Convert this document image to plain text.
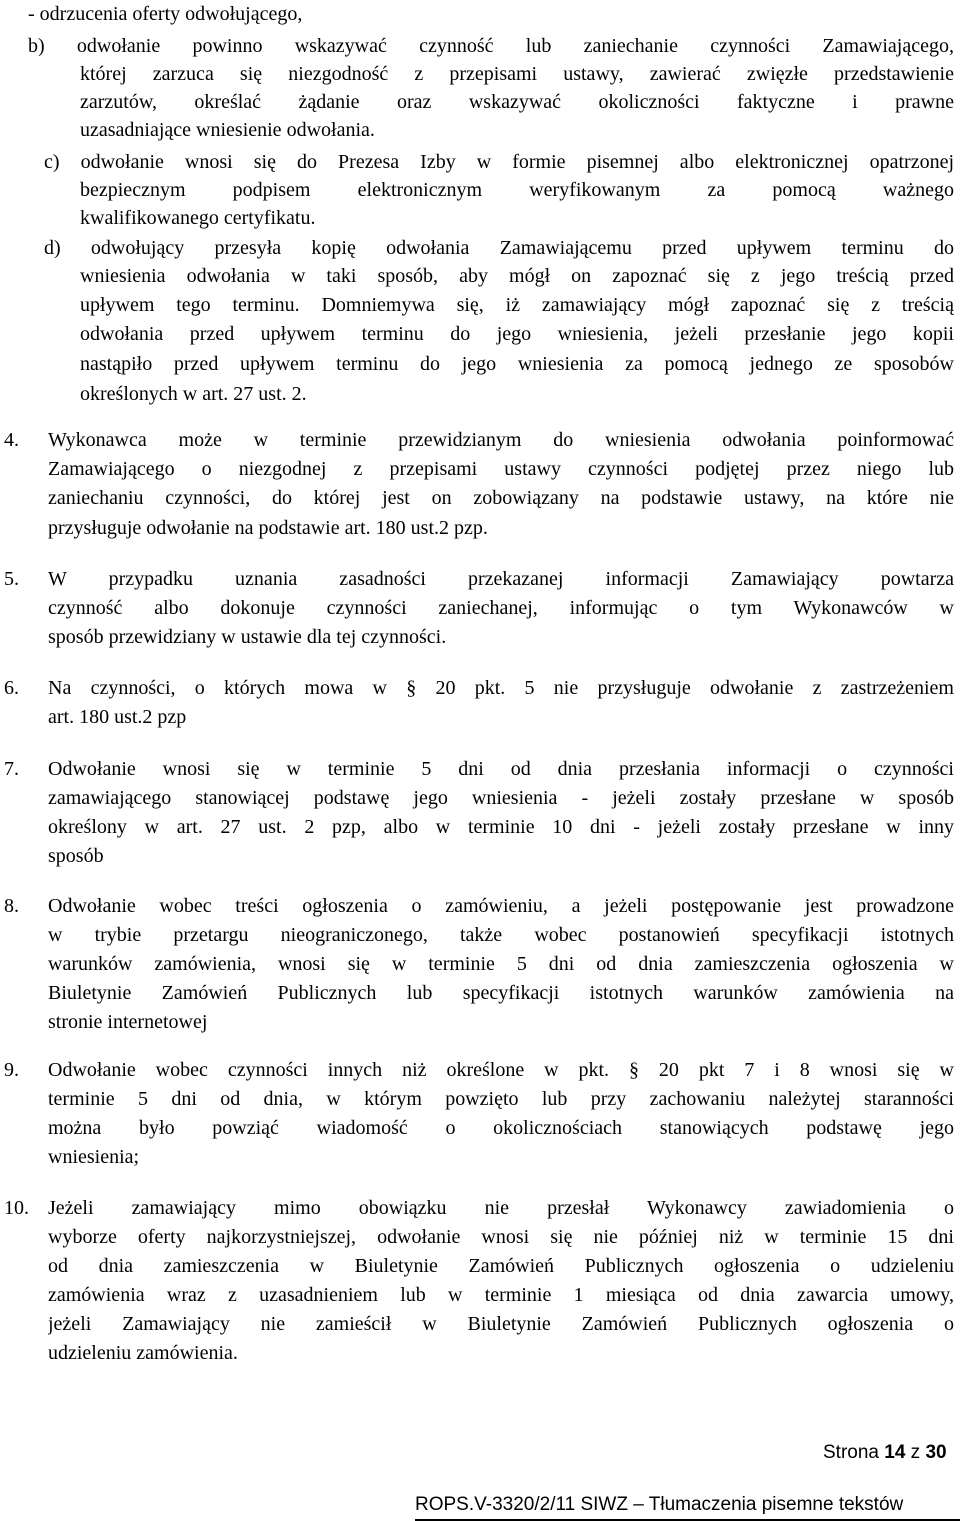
- odrzucenia oferty odwołującego,
b) odwołanie powinno wskazywać czynność lub zaniechanie czynności Zamawiającego,
której zarzuca się niezgodność z przepisami ustawy, zawierać zwięzłe przedstawienie
zarzutów, określać żądanie oraz wskazywać okoliczności faktyczne i prawne
uzasadniające wniesienie odwołania.
c) odwołanie wnosi się do Prezesa Izby w formie pisemnej albo elektronicznej opatrzonej
bezpiecznym podpisem elektronicznym weryfikowanym za pomocą ważnego
kwalifikowanego certyfikatu.
d) odwołujący przesyła kopię odwołania Zamawiającemu przed upływem terminu do
wniesienia odwołania w taki sposób, aby mógł on zapoznać się z jego treścią przed
upływem tego terminu. Domniemywa się, iż zamawiający mógł zapoznać się z treścią
odwołania przed upływem terminu do jego wniesienia, jeżeli przesłanie jego kopii
nastąpiło przed upływem terminu do jego wniesienia za pomocą jednego ze sposobów
określonych w art. 27 ust. 2.
4. Wykonawca może w terminie przewidzianym do wniesienia odwołania poinformować
Zamawiającego o niezgodnej z przepisami ustawy czynności podjętej przez niego lub
zaniechaniu czynności, do której jest on zobowiązany na podstawie ustawy, na które nie
przysługuje odwołanie na podstawie art. 180 ust.2 pzp.
5. W przypadku uznania zasadności przekazanej informacji Zamawiający powtarza
czynność albo dokonuje czynności zaniechanej, informując o tym Wykonawców w
sposób przewidziany w ustawie dla tej czynności.
6. Na czynności, o których mowa w § 20 pkt. 5 nie przysługuje odwołanie z zastrzeżeniem
art. 180 ust.2 pzp
7. Odwołanie wnosi się w terminie 5 dni od dnia przesłania informacji o czynności
zamawiającego stanowiącej podstawę jego wniesienia - jeżeli zostały przesłane w sposób
określony w art. 27 ust. 2 pzp, albo w terminie 10 dni - jeżeli zostały przesłane w inny
sposób
8. Odwołanie wobec treści ogłoszenia o zamówieniu, a jeżeli postępowanie jest prowadzone
w trybie przetargu nieograniczonego, także wobec postanowień specyfikacji istotnych
warunków zamówienia, wnosi się w terminie 5 dni od dnia zamieszczenia ogłoszenia w
Biuletynie Zamówień Publicznych lub specyfikacji istotnych warunków zamówienia na
stronie internetowej
9. Odwołanie wobec czynności innych niż określone w pkt. § 20 pkt 7 i 8 wnosi się w
terminie 5 dni od dnia, w którym powzięto lub przy zachowaniu należytej staranności
można było powziąć wiadomość o okolicznościach stanowiących podstawę jego
wniesienia;
10. Jeżeli zamawiający mimo obowiązku nie przesłał Wykonawcy zawiadomienia o
wyborze oferty najkorzystniejszej, odwołanie wnosi się nie później niż w terminie 15 dni
od dnia zamieszczenia w Biuletynie Zamówień Publicznych ogłoszenia o udzieleniu
zamówienia wraz z uzasadnieniem lub w terminie 1 miesiąca od dnia zawarcia umowy,
jeżeli Zamawiający nie zamieścił w Biuletynie Zamówień Publicznych ogłoszenia o
udzieleniu zamówienia.
Strona 14 z 30
ROPS.V-3320/2/11 SIWZ – Tłumaczenia pisemne tekstów
